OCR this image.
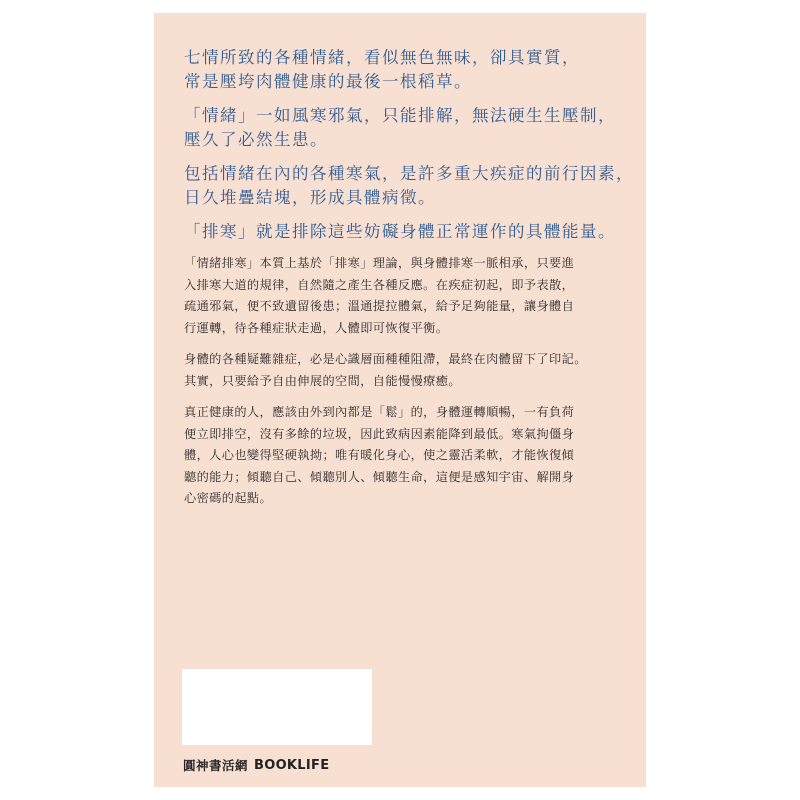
七情所致的各種情緒，看似無色無味，卻具實質，

常是壓垮肉體健康的最後一根稻草。

「情緒」一如風寒邪氣，只能排解，無法硬生生壓制，

壓久了必然生患。

包括情緒在內的各種寒氣，是許多重大疾症的前行因素，

日久堆疊結塊，形成具體病徵。

「排寒」就是排除這些妨礙身體正常運作的具體能量。

「情緒排寒」本質上基於「排寒」理論，與身體排寒一脈相承，只要進

入排寒大道的規律，自然隨之產生各種反應。在疾症初起，即予表散，

疏通邪氣，便不致遺留後患；溫通提拉體氣，給予足夠能量，讓身體自

行運轉，待各種症狀走過，人體即可恢復平衡。

身體的各種疑難雜症，必是心識層面種種阻滯，最終在肉體留下了印記。

其實，只要給予自由伸展的空間，自能慢慢療癒。

真正健康的人，應該由外到內都是「鬆」的，身體運轉順暢，一有負荷

便立即排空，沒有多餘的垃圾，因此致病因素能降到最低。寒氣拘僵身

體，人心也變得堅硬執拗；唯有暖化身心，使之靈活柔軟，才能恢復傾

聽的能力；傾聽自己、傾聽別人、傾聽生命，這便是感知宇宙、解開身

心密碼的起點。

圓神書活網 BOOKLIFE
